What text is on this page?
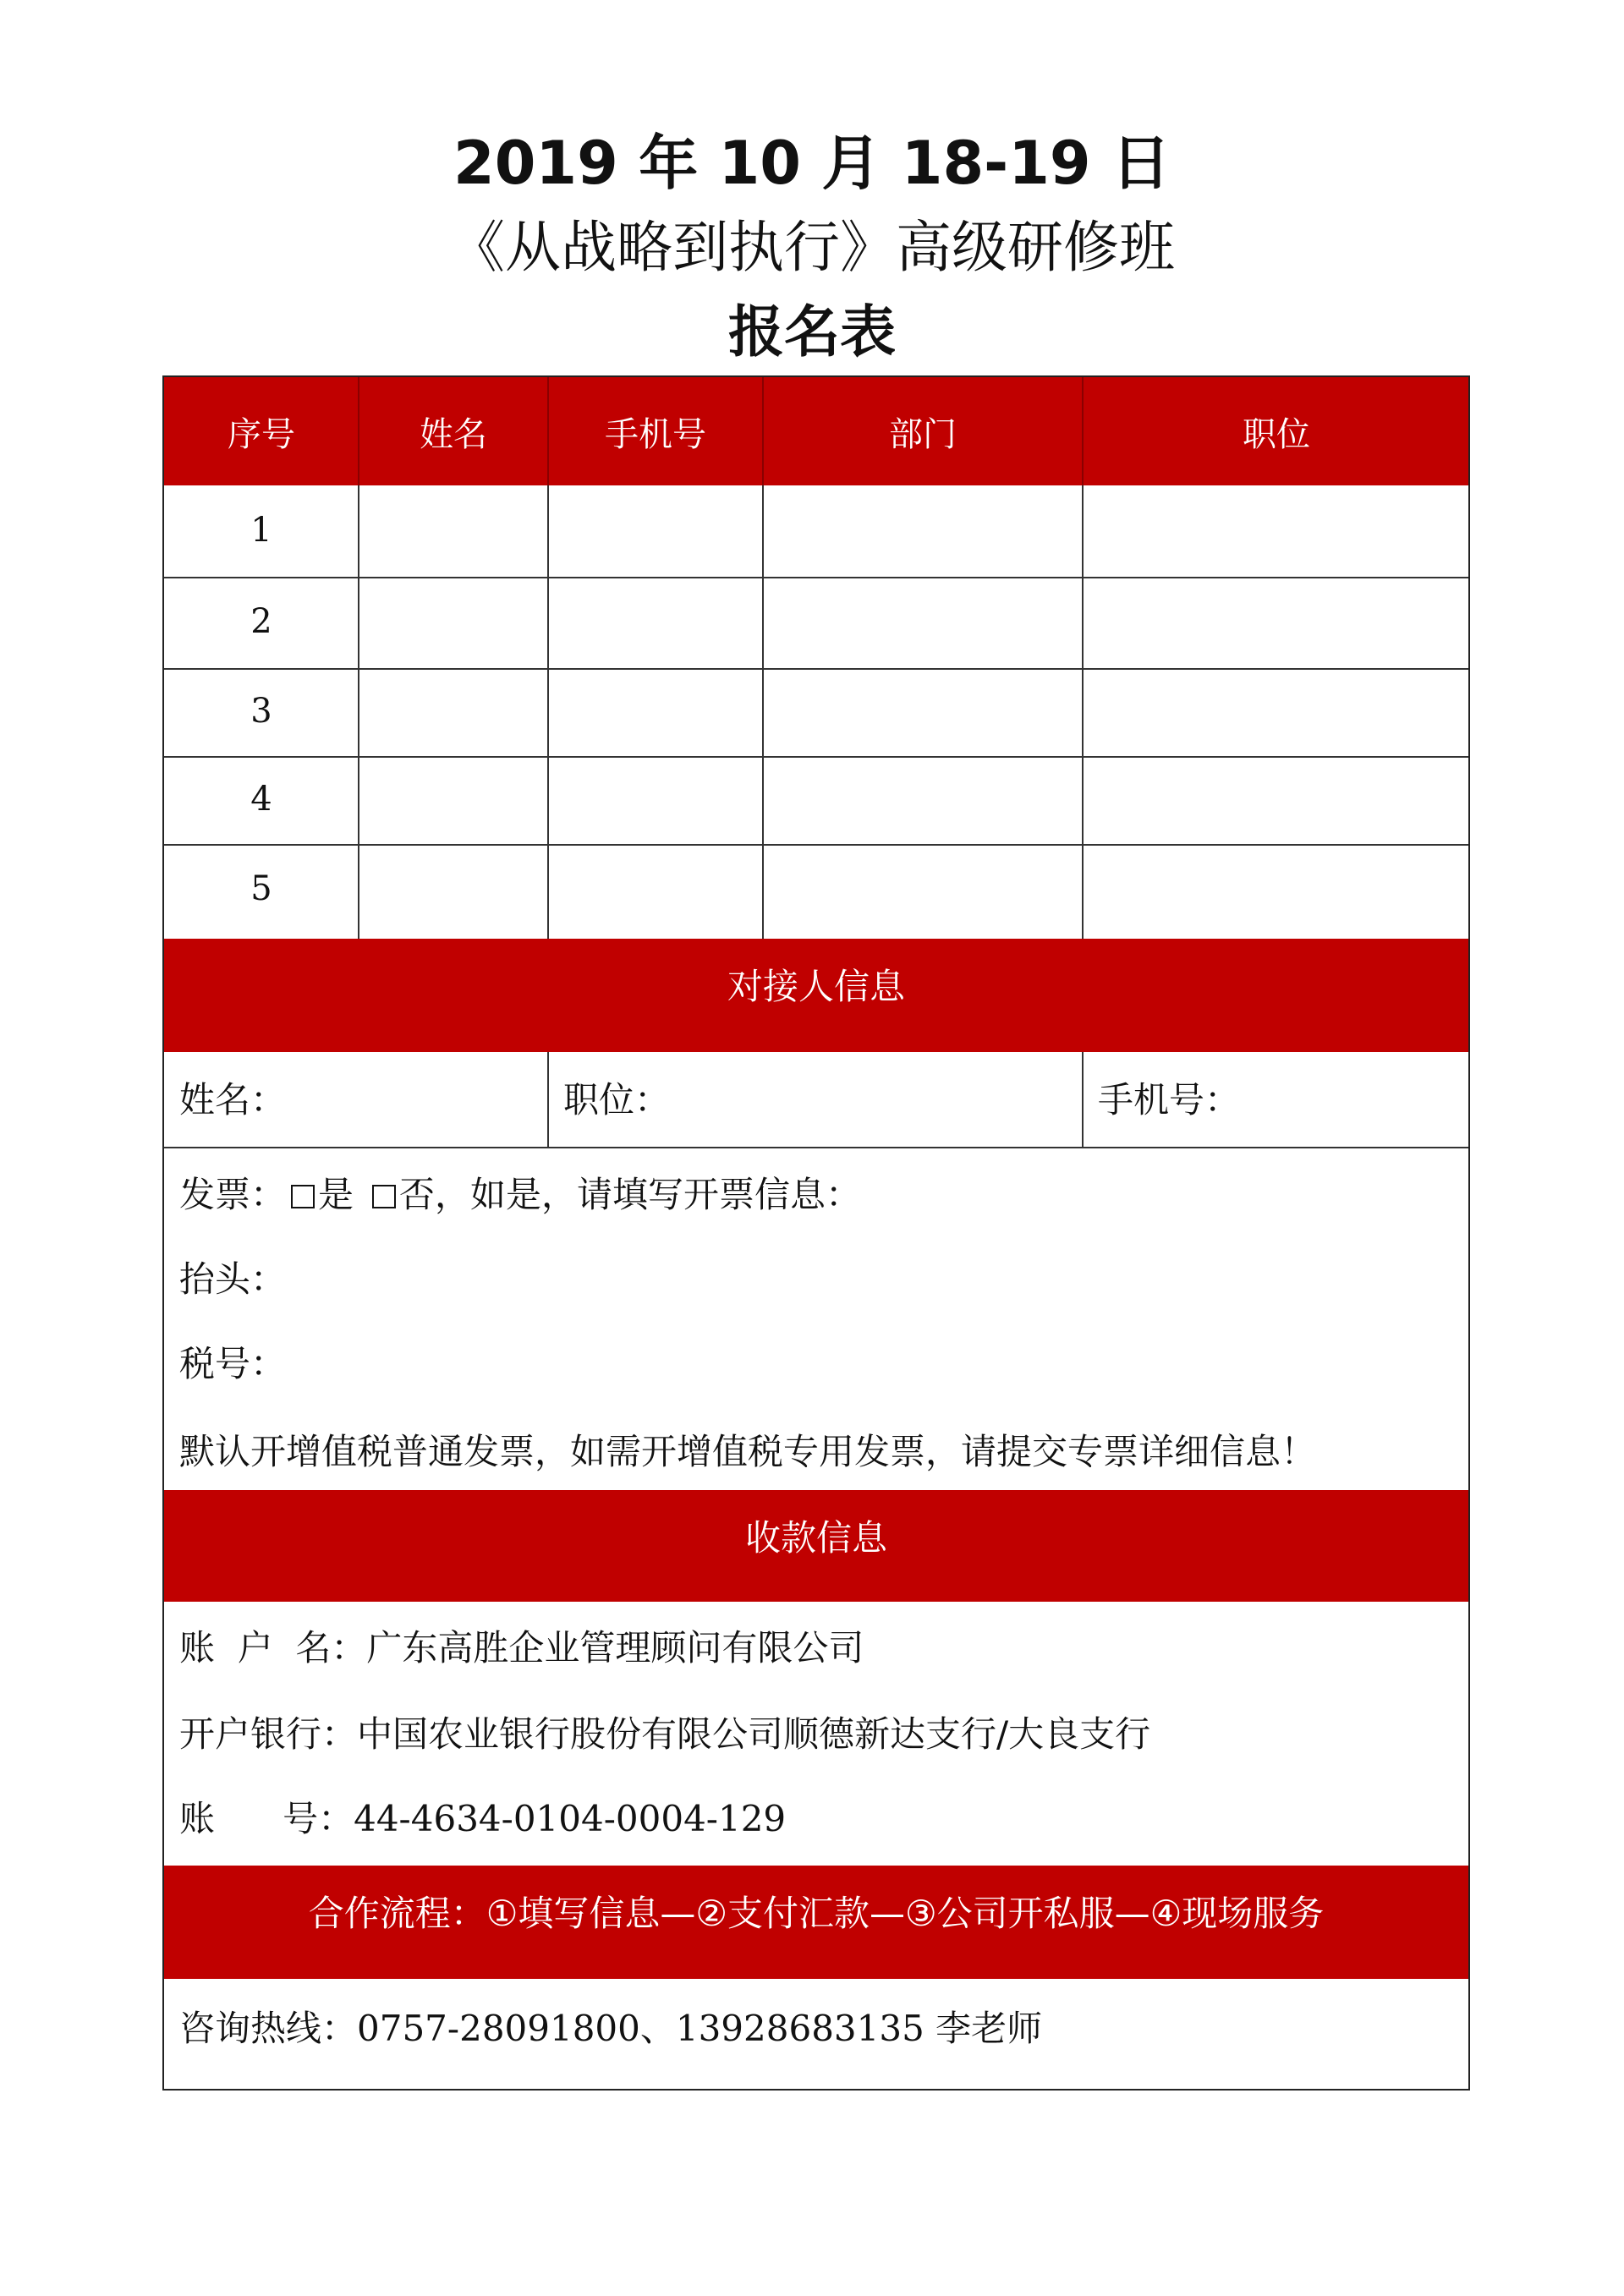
2019 年 10 月 18-19 日
《从战略到执行》高级研修班
报名表
序号	姓名	手机号	部门	职位
1
2
3
4
5
对接人信息
姓名：	职位：	手机号：
发票： 是 否，如是，请填写开票信息：
抬头：
税号：
默认开增值税普通发票，如需开增值税专用发票，请提交专票详细信息！
收款信息
账  户  名：广东高胜企业管理顾问有限公司
开户银行：中国农业银行股份有限公司顺德新达支行/大良支行
账      号：44-4634-0104-0004-129
合作流程：①填写信息—②支付汇款—③公司开私服—④现场服务
咨询热线：0757-28091800、13928683135 李老师
